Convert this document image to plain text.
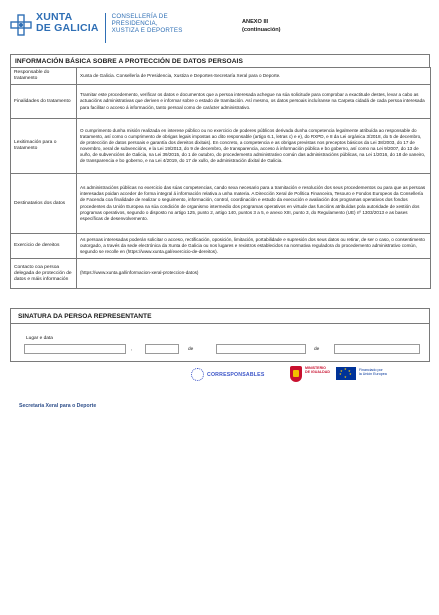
XUNTA
DE GALICIA
CONSELLERÍA DE
PRESIDENCIA,
XUSTIZA E DEPORTES
ANEXO III
(continuación)
INFORMACIÓN BÁSICA SOBRE A PROTECCIÓN DE DATOS PERSOAIS
Responsable do tratamento	Xunta de Galicia. Consellería de Presidencia, Xustiza e Deportes-Secretaría Xeral para o Deporte.
Finalidades do tratamento	Tramitar este procedemento, verificar os datos e documentos que a persoa interesada achegue na súa solicitude para comprobar a exactitude destes, levar a cabo as actuacións administrativas que deriven e informar sobre o estado de tramitación. Así mesmo, os datos persoais incluíranse na Carpeta cidadá de cada persoa interesada para facilitar o acceso á información, tanto persoal como de carácter administrativo.
Lexitimación para o tratamento	O cumprimento dunha misión realizada en interese público ou no exercicio de poderes públicos derivada dunha competencia legalmente atribuída ao responsable do tratamento, así como o cumprimento de obrigas legais impostas ao dito responsable (artigo 6.1, letras c) e e), do RXPD, e 8 da Lei orgánica 3/2018, do 5 de decembro, de protección de datos persoais e garantía dos dereitos dixitais). En concreto, a competencia e as obrigas previstas nos preceptos básicos da Lei 38/2003, do 17 de novembro, xeral de subvencións, e la Lei 19/2013, do 9 de decembro, de transparencia, acceso á información pública e bo goberno, así como na Lei 9/2007, do 13 de xuño, de subvencións de Galicia, na Lei 39/2015, do 1 de outubro, do procedemento administrativo común das administracións públicas, na Lei 1/2016, do 18 de xaneiro, de transparencia e bo goberno, e na Lei 4/2019, do 17 de xullo, de administración dixital de Galicia.
Destinatarios dos datos	As administracións públicas no exercicio das súas competencias, cando sexa necesario para a tramitación e resolución dos seus procedementos ou para que as persoas interesadas poidan acceder de forma integral á información relativa a unha materia. A Dirección Xeral de Política Financeira, Tesouro e Fondos Europeos da Consellería de Facenda coa finalidade de realizar o seguimento, información, control, coordinación e estudo da execución e avaliación dos programas operativos dos fondos procedentes da Unión Europea na súa condición de organismo intermedio dos programas operativos en virtude das funcións atribuídas pola autoridade de xestión dos programas operativos, segundo o disposto no artigo 125, punto 2, artigo 140, puntos 3 a 5, e anexo XIII, punto 3, do Regulamento (UE) nº 1303/2013 e as bases específicas de desenvolvemento.
Exercicio de dereitos	As persoas interesadas poderán solicitar o acceso, rectificación, oposición, limitación, portabilidade e supresión dos seus datos ou retirar, de ser o caso, o consentimento outorgado, a través da sede electrónica da Xunta de Galicia ou nos lugares e rexistros establecidos na normativa reguladora do procedemento administrativo común, segundo se recolle en (https://www.xunta.gal/exercicio-de-dereitos).
Contacto coa persoa delegada de protección de datos e máis información	(https://www.xunta.gal/informacion-xeral-proteccion-datos)
SINATURA DA PERSOA REPRESENTANTE
Lugar e data
,	de	de
CORRESPONSABLES
MINISTERIO
DE IGUALDAD
★
★ ★
★ ★
★
Financiado por
la Unión Europea
Secretaría Xeral para o Deporte
